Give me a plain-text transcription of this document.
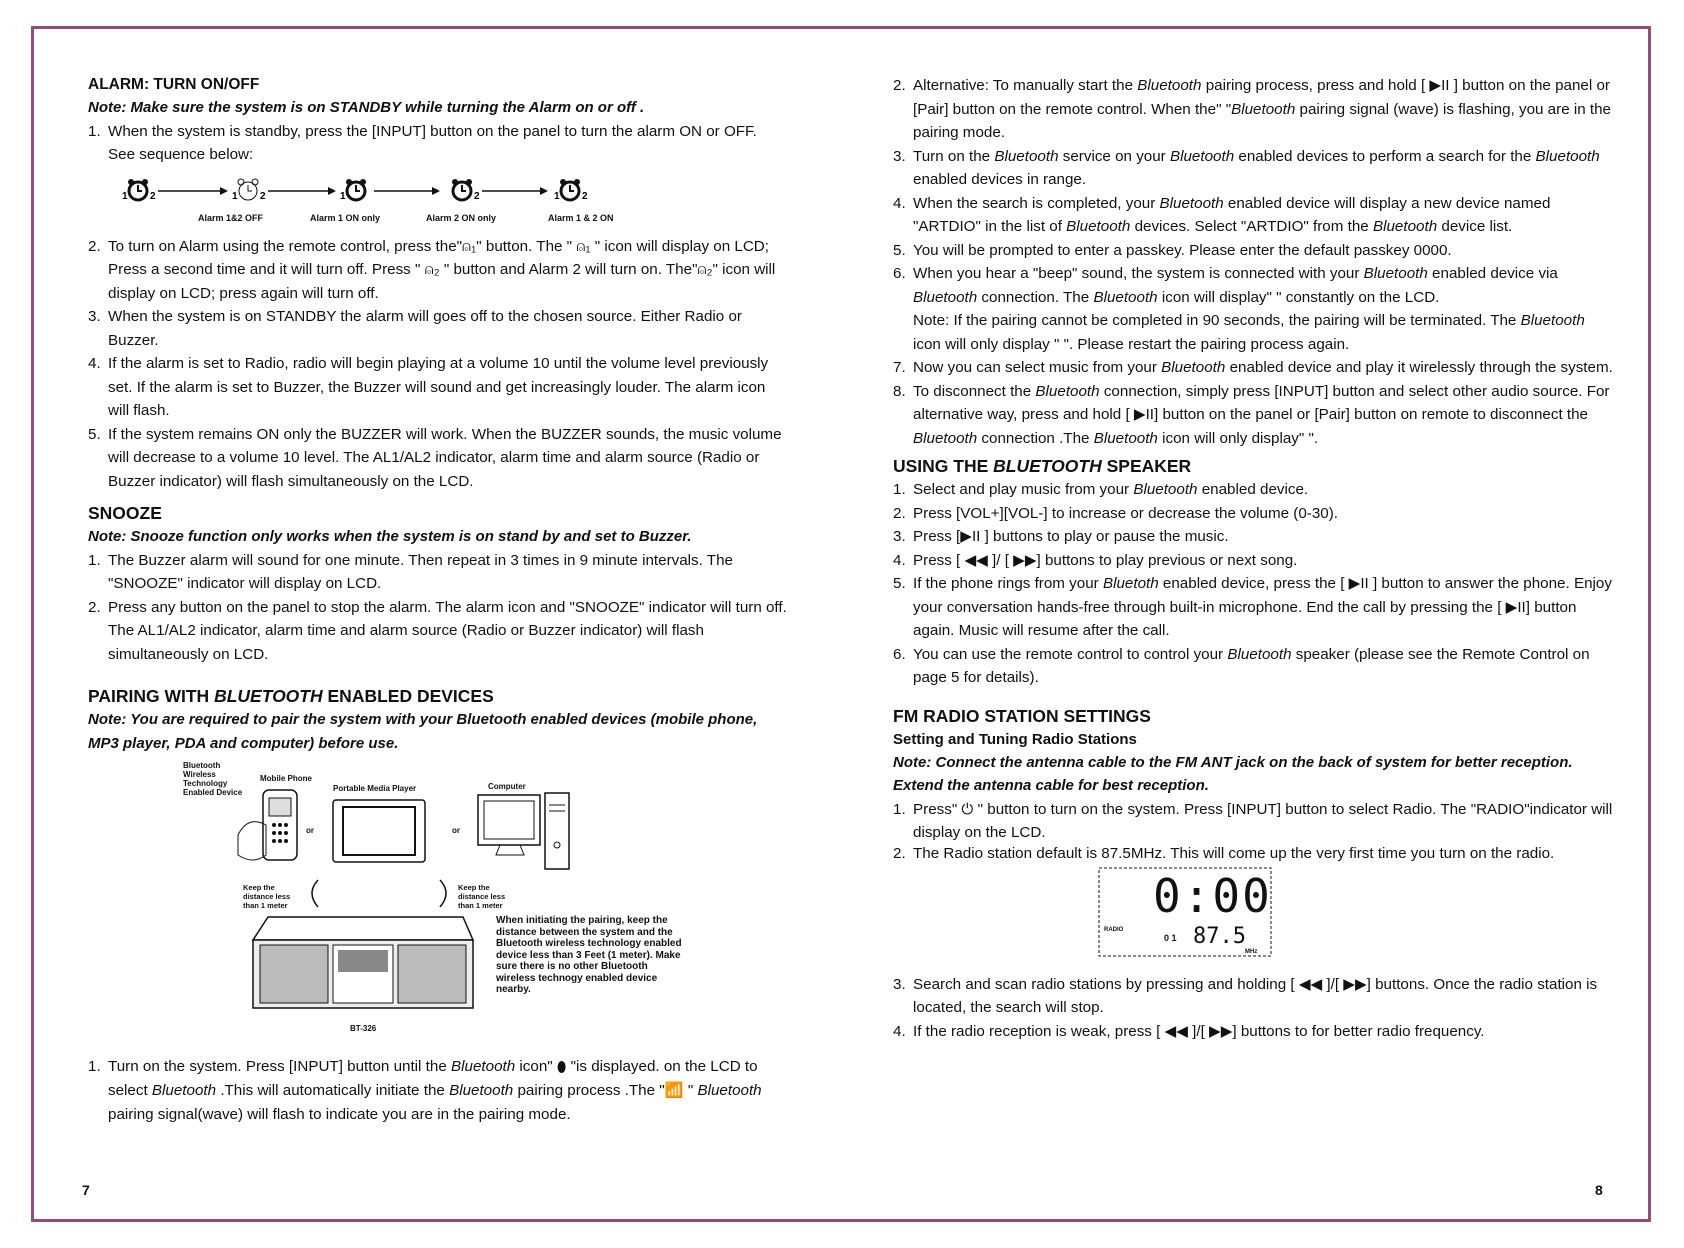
ALARM: TURN ON/OFF

Note: Make sure the system is on STANDBY while turning the Alarm on or off .

1. When the system is standby, press the [INPUT] button on the panel to turn the alarm ON or OFF. See sequence below:
1 2	1 2	1	2	1 2
Alarm 1&2 OFF	Alarm 1 ON only	Alarm 2 ON only	Alarm 1 & 2 ON
2. To turn on Alarm using the remote control, press the"⍝₁" button. The " ⍝₁ " icon will display on LCD; Press a second time and it will turn off. Press " ⍝₂ " button and Alarm 2 will turn on. The"⍝₂" icon will display on LCD; press again will turn off.
3. When the system is on STANDBY the alarm will goes off to the chosen source. Either Radio or Buzzer.
4. If the alarm is set to Radio, radio will begin playing at a volume 10 until the volume level previously set. If the alarm is set to Buzzer, the Buzzer will sound and get increasingly louder. The alarm icon will flash.
5. If the system remains ON only the BUZZER will work. When the BUZZER sounds, the music volume will decrease to a volume 10 level. The AL1/AL2 indicator, alarm time and alarm source (Radio or Buzzer indicator) will flash simultaneously on the LCD.

SNOOZE

Note: Snooze function only works when the system is on stand by and set to Buzzer.

1. The Buzzer alarm will sound for one minute. Then repeat in 3 times in 9 minute intervals. The "SNOOZE" indicator will display on LCD.
2. Press any button on the panel to stop the alarm. The alarm icon and "SNOOZE" indicator will turn off. The AL1/AL2 indicator, alarm time and alarm source (Radio or Buzzer indicator) will flash simultaneously on LCD.

PAIRING WITH BLUETOOTH ENABLED DEVICES

Note: You are required to pair the system with your Bluetooth enabled devices (mobile phone, MP3 player, PDA and computer) before use.

Bluetooth Wireless Technology Enabled Device
Mobile Phone
Portable Media Player	Computer
or	or
Keep the distance less than 1 meter
Keep the distance less than 1 meter
BT-326
When initiating the pairing, keep the distance between the system and the Bluetooth wireless technology enabled device less than 3 Feet (1 meter). Make sure there is no other Bluetooth wireless technogy enabled device nearby.
1. Turn on the system. Press [INPUT] button until the Bluetooth icon" ⬮ "is displayed. on the LCD to select Bluetooth .This will automatically initiate the Bluetooth pairing process .The "📶 " Bluetooth pairing signal(wave) will flash to indicate you are in the pairing mode.
7
2. Alternative: To manually start the Bluetooth pairing process, press and hold [ ▶II ] button on the panel or [Pair] button on the remote control. When the" "Bluetooth pairing signal (wave) is flashing, you are in the pairing mode.
3. Turn on the Bluetooth service on your Bluetooth enabled devices to perform a search for the Bluetooth enabled devices in range.
4. When the search is completed, your Bluetooth enabled device will display a new device named "ARTDIO" in the list of Bluetooth devices. Select "ARTDIO" from the Bluetooth device list.
5. You will be prompted to enter a passkey. Please enter the default passkey 0000.
6. When you hear a "beep" sound, the system is connected with your Bluetooth enabled device via Bluetooth connection. The Bluetooth icon will display" " constantly on the LCD.
Note: If the pairing cannot be completed in 90 seconds, the pairing will be terminated. The Bluetooth icon will only display " ". Please restart the pairing process again.
7. Now you can select music from your Bluetooth enabled device and play it wirelessly through the system.
8. To disconnect the Bluetooth connection, simply press [INPUT] button and select other audio source. For alternative way, press and hold [ ▶II] button on the panel or [Pair] button on remote to disconnect the Bluetooth connection .The Bluetooth icon will only display" ".

USING THE BLUETOOTH SPEAKER

1. Select and play music from your Bluetooth enabled device.
2. Press [VOL+][VOL-] to increase or decrease the volume (0-30).
3. Press [▶II ] buttons to play or pause the music.
4. Press [ ◀◀ ]/ [ ▶▶] buttons to play previous or next song.
5. If the phone rings from your Bluetoth enabled device, press the [ ▶II ] button to answer the phone. Enjoy your conversation hands-free through built-in microphone. End the call by pressing the [ ▶II] button again. Music will resume after the call.
6. You can use the remote control to control your Bluetooth speaker (please see the Remote Control on page 5 for details).

FM RADIO STATION SETTINGS

Setting and Tuning Radio Stations

Note: Connect the antenna cable to the FM ANT jack on the back of system for better reception. Extend the antenna cable for best reception.

1. Press" ⏻ " button to turn on the system. Press [INPUT] button to select Radio. The "RADIO"indicator will display on the LCD.
2. The Radio station default is 87.5MHz. This will come up the very first time you turn on the radio.
0:00
RADIO
0 1 87.5
MHz
3. Search and scan radio stations by pressing and holding [ ◀◀ ]/[ ▶▶] buttons. Once the radio station is located, the search will stop.
4. If the radio reception is weak, press [ ◀◀ ]/[ ▶▶] buttons to for better radio frequency.
8
